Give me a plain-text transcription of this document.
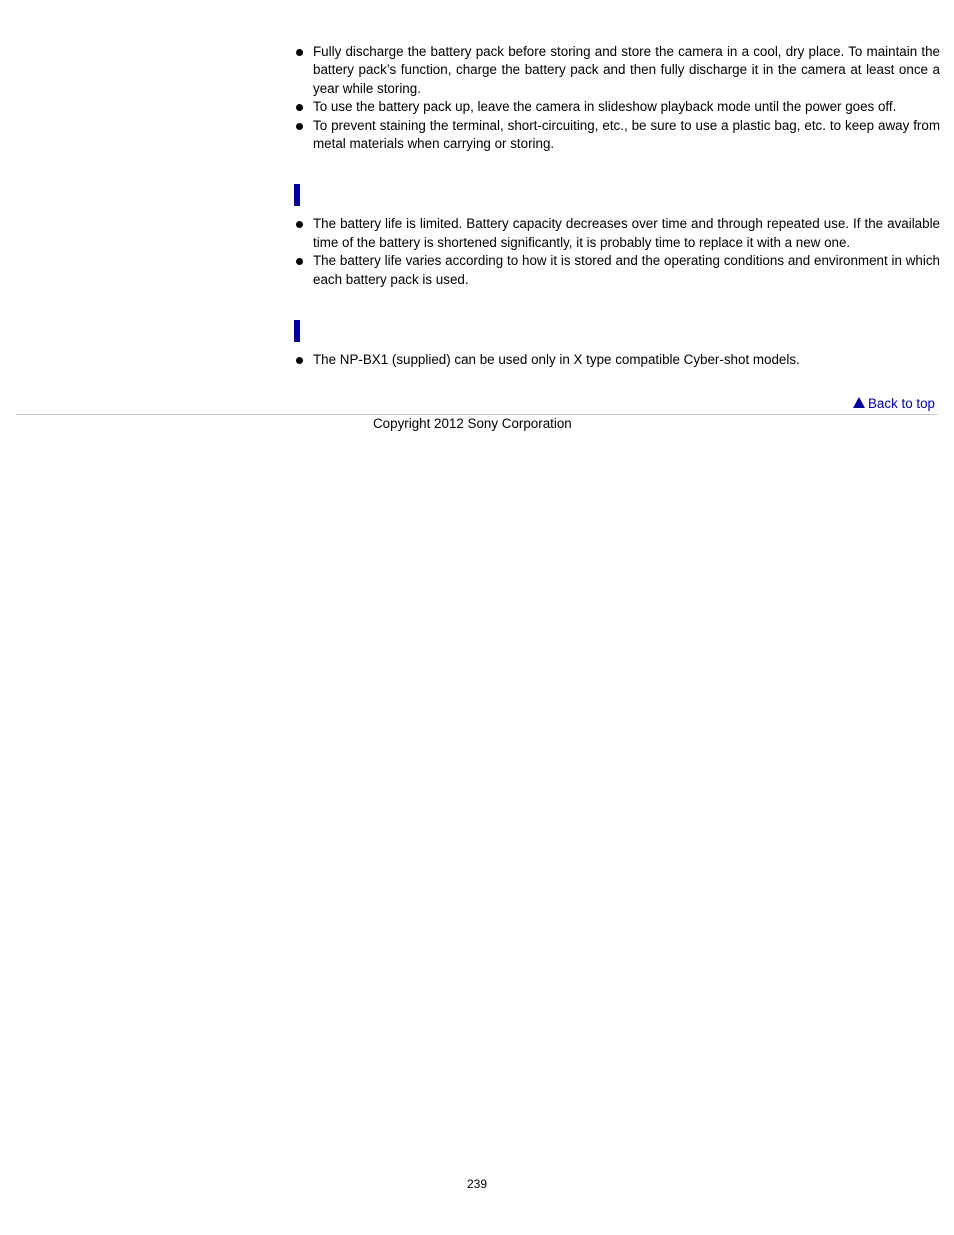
Fully discharge the battery pack before storing and store the camera in a cool, dry place. To maintain the battery pack’s function, charge the battery pack and then fully discharge it in the camera at least once a year while storing.
To use the battery pack up, leave the camera in slideshow playback mode until the power goes off.
To prevent staining the terminal, short-circuiting, etc., be sure to use a plastic bag, etc. to keep away from metal materials when carrying or storing.
The battery life is limited. Battery capacity decreases over time and through repeated use. If the available time of the battery is shortened significantly, it is probably time to replace it with a new one.
The battery life varies according to how it is stored and the operating conditions and environment in which each battery pack is used.
The NP-BX1 (supplied) can be used only in X type compatible Cyber-shot models.
Back to top
Copyright 2012 Sony Corporation
239
